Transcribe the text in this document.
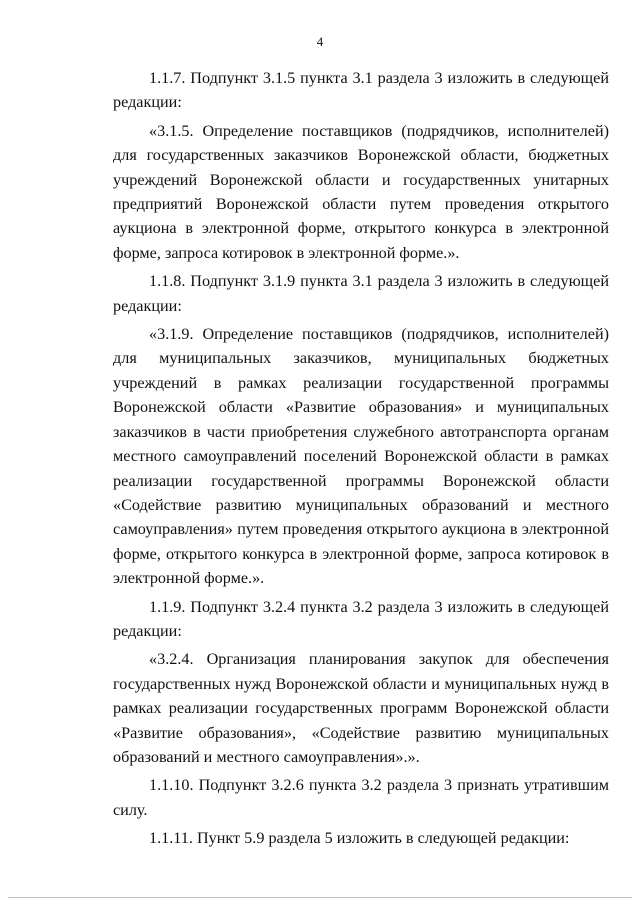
4

1.1.7. Подпункт 3.1.5 пункта 3.1 раздела 3 изложить в следующей редакции:

«3.1.5. Определение поставщиков (подрядчиков, исполнителей) для государственных заказчиков Воронежской области, бюджетных учреждений Воронежской области и государственных унитарных предприятий Воронежской области путем проведения открытого аукциона в электронной форме, открытого конкурса в электронной форме, запроса котировок в электронной форме.».

1.1.8. Подпункт 3.1.9 пункта 3.1 раздела 3 изложить в следующей редакции:

«3.1.9. Определение поставщиков (подрядчиков, исполнителей) для муниципальных заказчиков, муниципальных бюджетных учреждений в рамках реализации государственной программы Воронежской области «Развитие образования» и муниципальных заказчиков в части приобретения служебного автотранспорта органам местного самоуправлений поселений Воронежской области в рамках реализации государственной программы Воронежской области «Содействие развитию муниципальных образований и местного самоуправления» путем проведения открытого аукциона в электронной форме, открытого конкурса в электронной форме, запроса котировок в электронной форме.».

1.1.9. Подпункт 3.2.4 пункта 3.2 раздела 3 изложить в следующей редакции:

«3.2.4. Организация планирования закупок для обеспечения государственных нужд Воронежской области и муниципальных нужд в рамках реализации государственных программ Воронежской области «Развитие образования», «Содействие развитию муниципальных образований и местного самоуправления».».

1.1.10. Подпункт 3.2.6 пункта 3.2 раздела 3 признать утратившим силу.

1.1.11. Пункт 5.9 раздела 5 изложить в следующей редакции:
